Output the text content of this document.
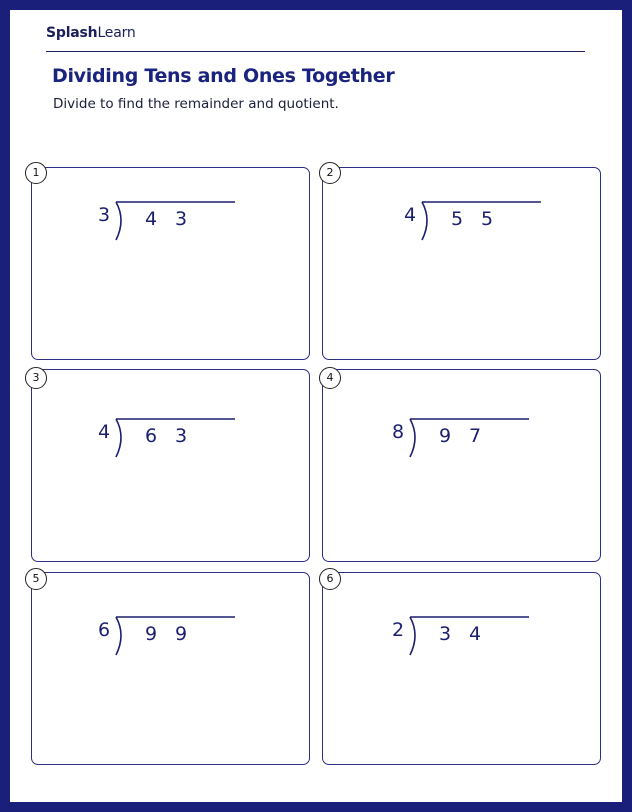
SplashLearn
Dividing Tens and Ones Together
Divide to find the remainder and quotient.
1
3 4 3
2
4 5 5
3
4 6 3
4
8 9 7
5
6 9 9
6
2 3 4
